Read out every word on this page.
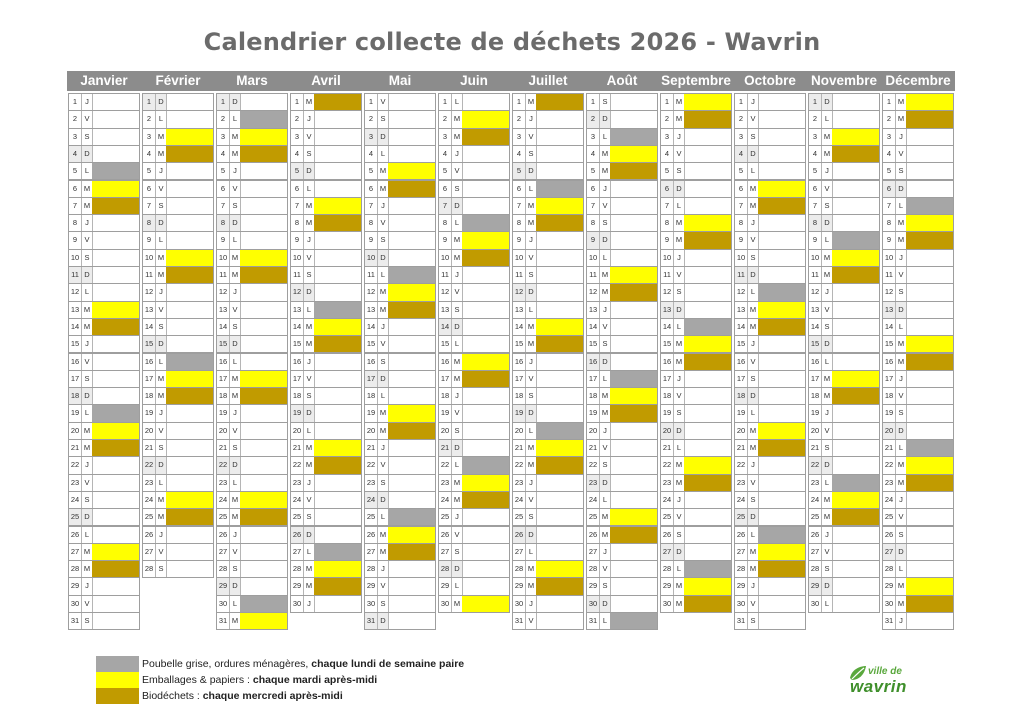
Calendrier collecte de déchets 2026 - Wavrin
Janvier
1	J
2 V
3 S
4 D
5	L
6 M
7 M
8	J
9 V
10 S
11 D
12 L
13 M
14 M
15 J
16 V
17 S
18 D
19 L
20 M
21 M
22 J
23 V
24 S
25 D
26 L
27 M
28 M
29 J
30 V
31 S
Février
1 D
2	L
3 M
4 M
5	J
6 V
7 S
8 D
9	L
10 M
11 M
12 J
13 V
14 S
15 D
16 L
17 M
18 M
19 J
20 V
21 S
22 D
23 L
24 M
25 M
26 J
27 V
28 S
Mars
1 D
2	L
3 M
4 M
5	J
6 V
7 S
8 D
9	L
10 M
11 M
12 J
13 V
14 S
15 D
16 L
17 M
18 M
19 J
20 V
21 S
22 D
23 L
24 M
25 M
26 J
27 V
28 S
29 D
30 L
31 M
Avril
1 M
2	J
3 V
4 S
5 D
6	L
7 M
8 M
9	J
10 V
11 S
12 D
13 L
14 M
15 M
16 J
17 V
18 S
19 D
20 L
21 M
22 M
23 J
24 V
25 S
26 D
27 L
28 M
29 M
30 J
Mai
1 V
2 S
3 D
4	L
5 M
6 M
7	J
8 V
9 S
10 D
11 L
12 M
13 M
14 J
15 V
16 S
17 D
18 L
19 M
20 M
21 J
22 V
23 S
24 D
25 L
26 M
27 M
28 J
29 V
30 S
31 D
Juin
1	L
2 M
3 M
4	J
5 V
6 S
7 D
8	L
9 M
10 M
11 J
12 V
13 S
14 D
15 L
16 M
17 M
18 J
19 V
20 S
21 D
22 L
23 M
24 M
25 J
26 V
27 S
28 D
29 L
30 M
Juillet
1 M
2	J
3 V
4 S
5 D
6	L
7 M
8 M
9	J
10 V
11 S
12 D
13 L
14 M
15 M
16 J
17 V
18 S
19 D
20 L
21 M
22 M
23 J
24 V
25 S
26 D
27 L
28 M
29 M
30 J
31 V
Août
1 S
2 D
3	L
4 M
5 M
6	J
7 V
8 S
9 D
10 L
11 M
12 M
13 J
14 V
15 S
16 D
17 L
18 M
19 M
20 J
21 V
22 S
23 D
24 L
25 M
26 M
27 J
28 V
29 S
30 D
31 L
Septembre
1 M
2 M
3	J
4 V
5 S
6 D
7	L
8 M
9 M
10 J
11 V
12 S
13 D
14 L
15 M
16 M
17 J
18 V
19 S
20 D
21 L
22 M
23 M
24 J
25 V
26 S
27 D
28 L
29 M
30 M
Octobre
1	J
2 V
3 S
4 D
5	L
6 M
7 M
8	J
9 V
10 S
11 D
12 L
13 M
14 M
15 J
16 V
17 S
18 D
19 L
20 M
21 M
22 J
23 V
24 S
25 D
26 L
27 M
28 M
29 J
30 V
31 S
Novembre
1 D
2	L
3 M
4 M
5	J
6 V
7 S
8 D
9	L
10 M
11 M
12 J
13 V
14 S
15 D
16 L
17 M
18 M
19 J
20 V
21 S
22 D
23 L
24 M
25 M
26 J
27 V
28 S
29 D
30 L
Décembre
1 M
2 M
3	J
4 V
5 S
6 D
7	L
8 M
9 M
10 J
11 V
12 S
13 D
14 L
15 M
16 M
17 J
18 V
19 S
20 D
21 L
22 M
23 M
24 J
25 V
26 S
27 D
28 L
29 M
30 M
31 J
Poubelle grise, ordures ménagères, chaque lundi de semaine paire
Emballages & papiers : chaque mardi après-midi
Biodéchets : chaque mercredi après-midi
ville de
wavrin
